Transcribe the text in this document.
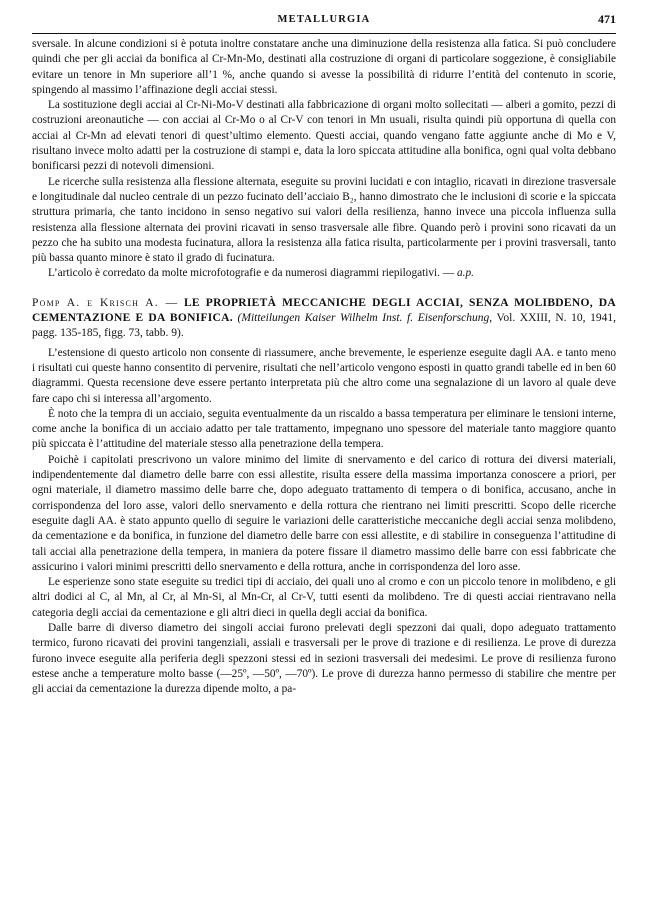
METALLURGIA	471

sversale. In alcune condizioni si è potuta inoltre constatare anche una diminuzione della resistenza alla fatica. Si può concludere quindi che per gli acciai da bonifica al Cr-Mn-Mo, destinati alla costruzione di organi di particolare soggezione, è consigliabile evitare un tenore in Mn superiore all’1 %, anche quando si avesse la possibilità di ridurre l’entità del contenuto in scorie, spingendo al massimo l’affinazione degli acciai stessi.

La sostituzione degli acciai al Cr-Ni-Mo-V destinati alla fabbricazione di organi molto sollecitati — alberi a gomito, pezzi di costruzioni areonautiche — con acciai al Cr-Mo o al Cr-V con tenori in Mn usuali, risulta quindi più opportuna di quella con acciai al Cr-Mn ad elevati tenori di quest’ultimo elemento. Questi acciai, quando vengano fatte aggiunte anche di Mo e V, risultano invece molto adatti per la costruzione di stampi e, data la loro spiccata attitudine alla bonifica, ogni qual volta debbano bonificarsi pezzi di notevoli dimensioni.

Le ricerche sulla resistenza alla flessione alternata, eseguite su provini lucidati e con intaglio, ricavati in direzione trasversale e longitudinale dal nucleo centrale di un pezzo fucinato dell’acciaio B₂, hanno dimostrato che le inclusioni di scorie e la spiccata struttura primaria, che tanto incidono in senso negativo sui valori della resilienza, hanno invece una piccola influenza sulla resistenza alla flessione alternata dei provini ricavati in senso trasversale alle fibre. Quando però i provini sono ricavati da un pezzo che ha subito una modesta fucinatura, allora la resistenza alla fatica risulta, particolarmente per i provini trasversali, tanto più bassa quanto minore è stato il grado di fucinatura.

L’articolo è corredato da molte microfotografie e da numerosi diagrammi riepilogativi. — a.p.

Pomp A. e Krisch A. — LE PROPRIETÀ MECCANICHE DEGLI ACCIAI, SENZA MOLIBDENO, DA CEMENTAZIONE E DA BONIFICA. (Mitteilungen Kaiser Wilhelm Inst. f. Eisenforschung, Vol. XXIII, N. 10, 1941, pagg. 135-185, figg. 73, tabb. 9).

L’estensione di questo articolo non consente di riassumere, anche brevemente, le esperienze eseguite dagli AA. e tanto meno i risultati cui queste hanno consentito di pervenire, risultati che nell’articolo vengono esposti in quatto grandi tabelle ed in ben 60 diagrammi. Questa recensione deve essere pertanto interpretata più che altro come una segnalazione di un lavoro al quale deve fare capo chi si interessa all’argomento.

È noto che la tempra di un acciaio, seguita eventualmente da un riscaldo a bassa temperatura per eliminare le tensioni interne, come anche la bonifica di un acciaio adatto per tale trattamento, impegnano uno spessore del materiale tanto maggiore quanto più spiccata è l’attitudine del materiale stesso alla penetrazione della tempera.

Poichè i capitolati prescrivono un valore minimo del limite di snervamento e del carico di rottura dei diversi materiali, indipendentemente dal diametro delle barre con essi allestite, risulta essere della massima importanza conoscere a priori, per ogni materiale, il diametro massimo delle barre che, dopo adeguato trattamento di tempera o di bonifica, accusano, anche in corrispondenza del loro asse, valori dello snervamento e della rottura che rientrano nei limiti prescritti. Scopo delle ricerche eseguite dagli AA. è stato appunto quello di seguire le variazioni delle caratteristiche meccaniche degli acciai senza molibdeno, da cementazione e da bonifica, in funzione del diametro delle barre con essi allestite, e di stabilire in conseguenza l’attitudine di tali acciai alla penetrazione della tempera, in maniera da potere fissare il diametro massimo delle barre con essi fabbricate che assicurino i valori minimi prescritti dello snervamento e della rottura, anche in corrispondenza del loro asse.

Le esperienze sono state eseguite su tredici tipi di acciaio, dei quali uno al cromo e con un piccolo tenore in molibdeno, e gli altri dodici al C, al Mn, al Cr, al Mn-Si, al Mn-Cr, al Cr-V, tutti esenti da molibdeno. Tre di questi acciai rientravano nella categoria degli acciai da cementazione e gli altri dieci in quella degli acciai da bonifica.

Dalle barre di diverso diametro dei singoli acciai furono prelevati degli spezzoni dai quali, dopo adeguato trattamento termico, furono ricavati dei provini tangenziali, assiali e trasversali per le prove di trazione e di resilienza. Le prove di durezza furono invece eseguite alla periferia degli spezzoni stessi ed in sezioni trasversali dei medesimi. Le prove di resilienza furono estese anche a temperature molto basse (—25º, —50º, —70º). Le prove di durezza hanno permesso di stabilire che mentre per gli acciai da cementazione la durezza dipende molto, a pa-
